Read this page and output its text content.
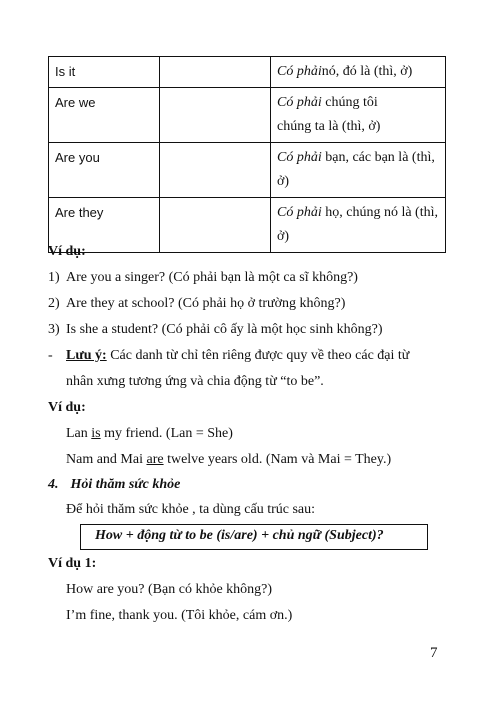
Is it		Có phảinó, đó là (thì, ở)
Are we		Có phải chúng tôi
chúng ta là (thì, ở)
Are you		Có phải bạn, các bạn là (thì,
ở)
Are they		Có phải họ, chúng nó là (thì,
ở)
Ví dụ:
1) Are you a singer? (Có phải bạn là một ca sĩ không?)
2) Are they at school? (Có phải họ ở trường không?)
3) Is she a student? (Có phải cô ấy là một học sinh không?)
- Lưu ý: Các danh từ chỉ tên riêng được quy về theo các đại từ
nhân xưng tương ứng và chia động từ “to be”.
Ví dụ:
Lan is my friend. (Lan = She)
Nam and Mai are twelve years old. (Nam và Mai = They.)
4. Hỏi thăm sức khỏe
Để hỏi thăm sức khỏe , ta dùng cấu trúc sau:
How + động từ to be (is/are) + chủ ngữ (Subject)?
Ví dụ 1:
How are you? (Bạn có khỏe không?)
I’m fine, thank you. (Tôi khỏe, cám ơn.)
7
